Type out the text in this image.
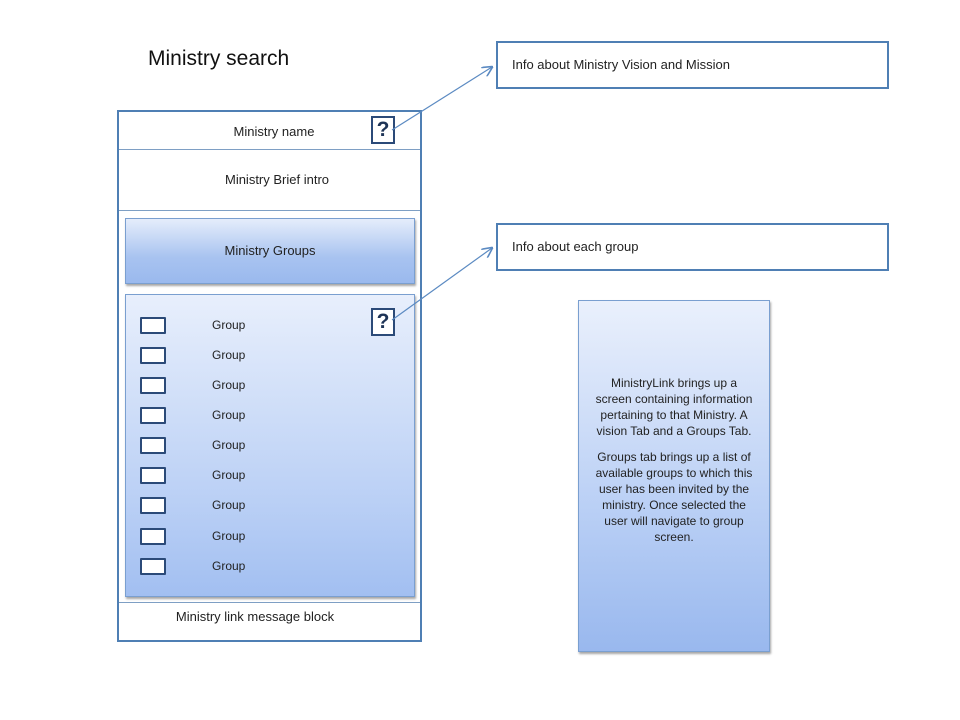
Ministry search
Ministry name	?
Ministry Brief intro
Ministry Groups
Group
Group
Group
Group
Group
Group
Group
Group
Group
?
Ministry link message block
Info about Ministry Vision and Mission
Info about each group

MinistryLink brings up a screen containing information pertaining to that Ministry. A vision Tab and a Groups Tab.

Groups tab brings up a list of available groups to which this user has been invited by the ministry. Once selected the user will navigate to group screen.
